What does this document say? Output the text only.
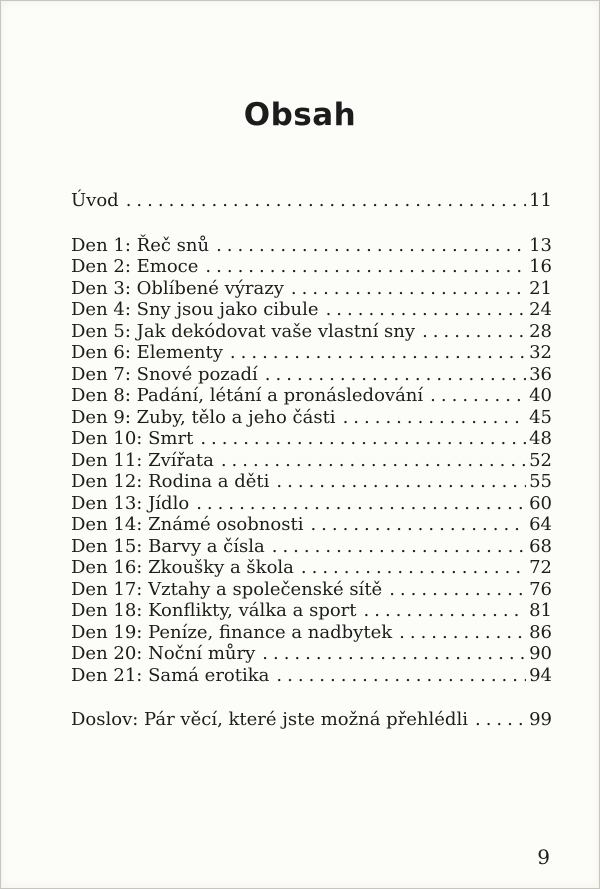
Obsah
Úvod .....	11
Den 1: Řeč snů .....	13
Den 2: Emoce .....	16
Den 3: Oblíbené výrazy .....	21
Den 4: Sny jsou jako cibule .....	24
Den 5: Jak dekódovat vaše vlastní sny .....	28
Den 6: Elementy .....	32
Den 7: Snové pozadí .....	36
Den 8: Padání, létání a pronásledování .....	40
Den 9: Zuby, tělo a jeho části .....	45
Den 10: Smrt .....	48
Den 11: Zvířata .....	52
Den 12: Rodina a děti .....	55
Den 13: Jídlo .....	60
Den 14: Známé osobnosti .....	64
Den 15: Barvy a čísla .....	68
Den 16: Zkoušky a škola .....	72
Den 17: Vztahy a společenské sítě .....	76
Den 18: Konflikty, válka a sport .....	81
Den 19: Peníze, finance a nadbytek .....	86
Den 20: Noční můry .....	90
Den 21: Samá erotika .....	94
Doslov: Pár věcí, které jste možná přehlédli .....	99
9
